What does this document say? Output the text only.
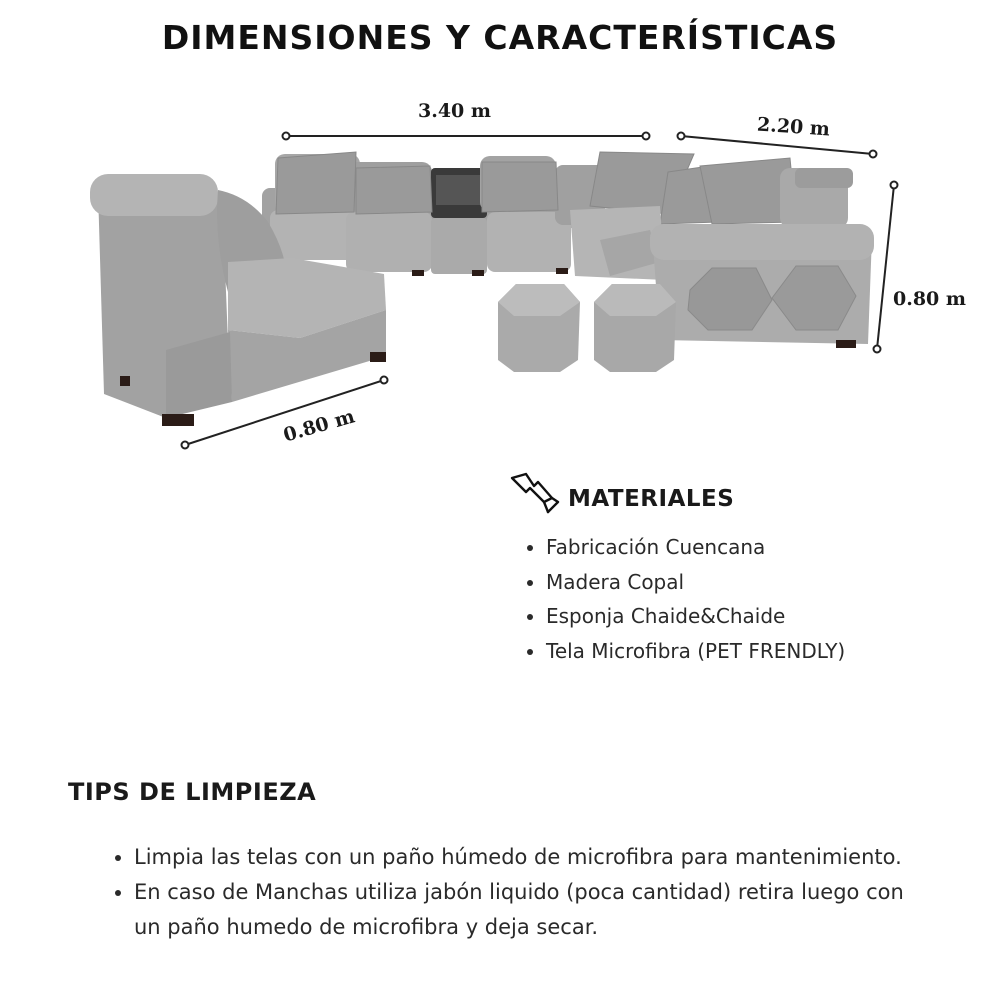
DIMENSIONES Y CARACTERÍSTICAS
3.40 m
2.20 m
0.80 m
0.80 m
MATERIALES
• Fabricación Cuencana
• Madera Copal
• Esponja Chaide&Chaide
• Tela Microfibra (PET FRENDLY)
TIPS DE LIMPIEZA
• Limpia las telas con un paño húmedo de microfibra para mantenimiento.
• En caso de Manchas utiliza jabón liquido (poca cantidad) retira luego con un paño humedo de microfibra y deja secar.
